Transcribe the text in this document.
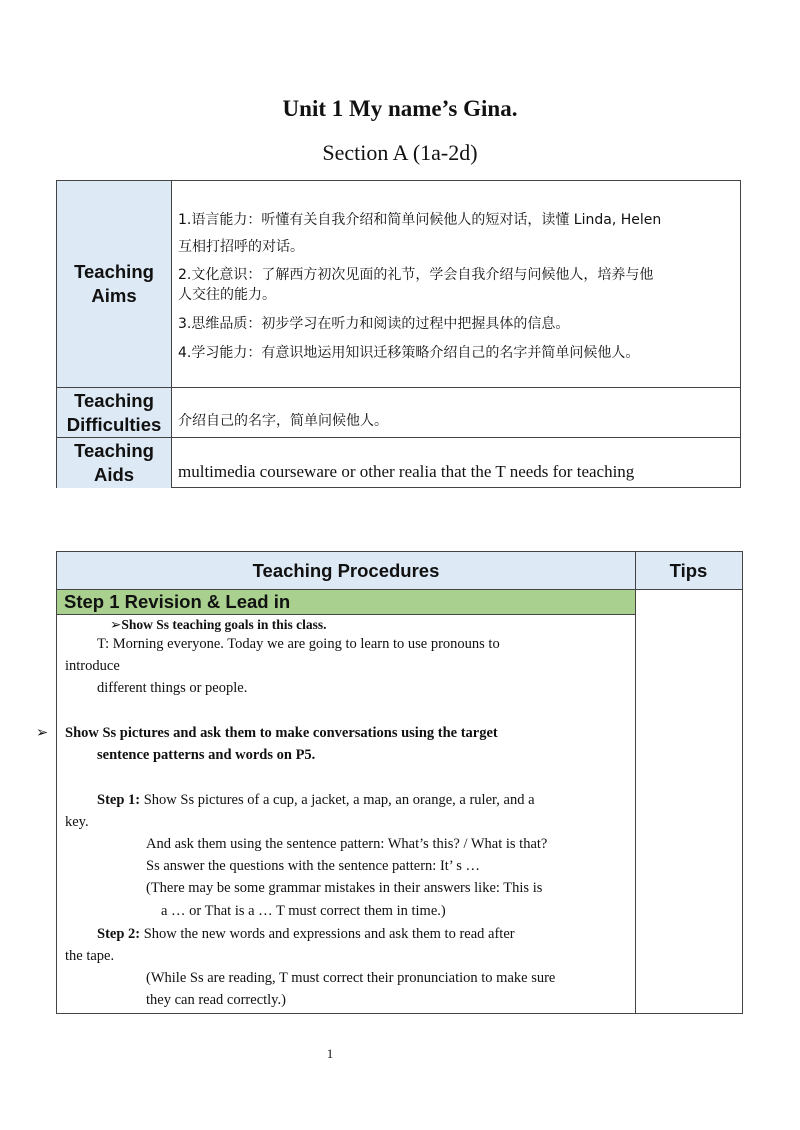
Unit 1 My name’s Gina.
Section A (1a-2d)
Teaching
Aims
Teaching
Difficulties
Teaching
Aids
1.语言能力：听懂有关自我介绍和简单问候他人的短对话，读懂 Linda, Helen
互相打招呼的对话。
2.文化意识：了解西方初次见面的礼节，学会自我介绍与问候他人，培养与他
人交往的能力。
3.思维品质：初步学习在听力和阅读的过程中把握具体的信息。
4.学习能力：有意识地运用知识迁移策略介绍自己的名字并简单问候他人。
介绍自己的名字，简单问候他人。
multimedia courseware or other realia that the T needs for teaching
Teaching Procedures	Tips
Step 1 Revision & Lead in
➢Show Ss teaching goals in this class.
T: Morning everyone. Today we are going to learn to use pronouns to
introduce
different things or people.
➢ Show Ss pictures and ask them to make conversations using the target
sentence patterns and words on P5.
Step 1: Show Ss pictures of a cup, a jacket, a map, an orange, a ruler, and a
key.
And ask them using the sentence pattern: What’s this? / What is that?
Ss answer the questions with the sentence pattern: It’ s …
(There may be some grammar mistakes in their answers like: This is
a … or That is a … T must correct them in time.)
Step 2: Show the new words and expressions and ask them to read after
the tape.
(While Ss are reading, T must correct their pronunciation to make sure
they can read correctly.)
1
